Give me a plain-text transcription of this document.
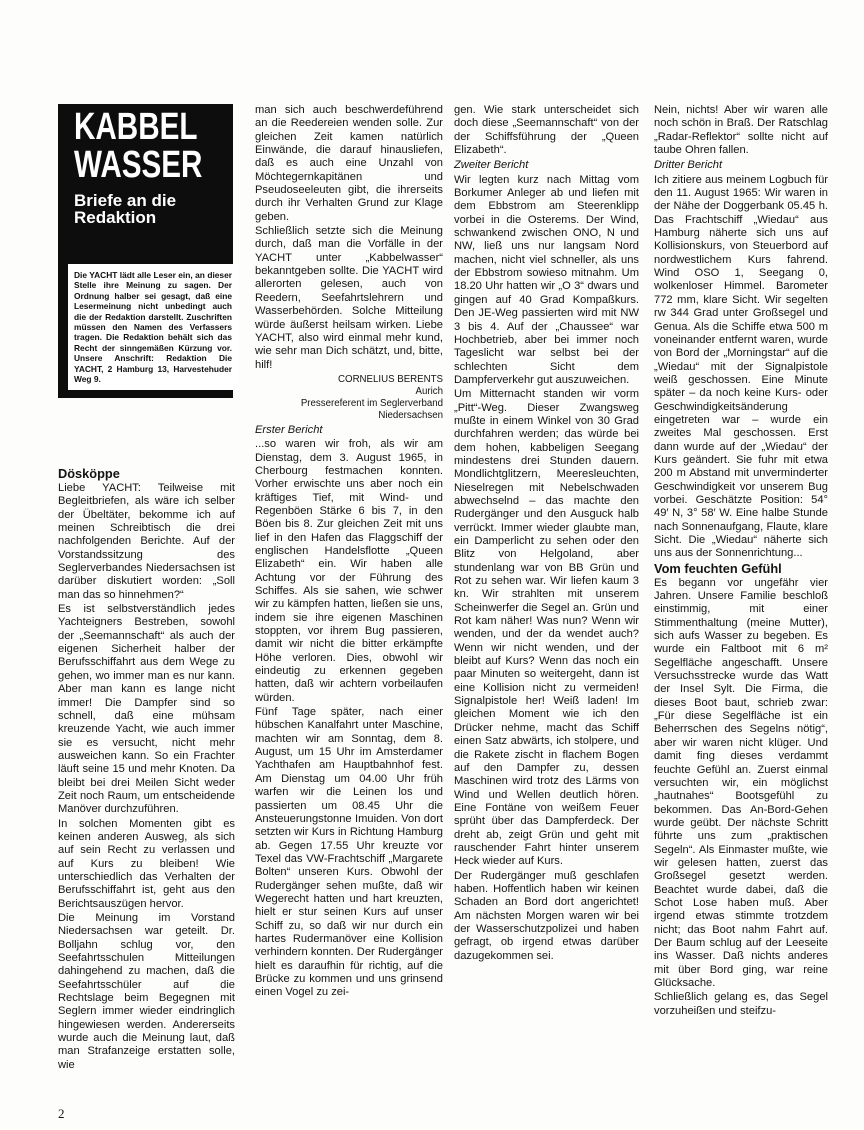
KABBEL
WASSER
Briefe an die Redaktion
Die YACHT lädt alle Leser ein, an dieser Stelle ihre Meinung zu sagen. Der Ordnung halber sei gesagt, daß eine Lesermeinung nicht unbedingt auch die der Redaktion darstellt. Zuschriften müssen den Namen des Verfassers tragen. Die Redaktion behält sich das Recht der sinngemäßen Kürzung vor. Unsere Anschrift: Redaktion Die YACHT, 2 Hamburg 13, Harvestehuder Weg 9.
Dösköppe

Liebe YACHT: Teilweise mit Begleitbriefen, als wäre ich selber der Übeltäter, bekomme ich auf meinen Schreibtisch die drei nachfolgenden Berichte. Auf der Vorstandssitzung des Seglerverbandes Niedersachsen ist darüber diskutiert worden: „Soll man das so hinnehmen?“

Es ist selbstverständlich jedes Yachteigners Bestreben, sowohl der „Seemannschaft“ als auch der eigenen Sicherheit halber der Berufsschiffahrt aus dem Wege zu gehen, wo immer man es nur kann. Aber man kann es lange nicht immer! Die Dampfer sind so schnell, daß eine mühsam kreuzende Yacht, wie auch immer sie es versucht, nicht mehr ausweichen kann. So ein Frachter läuft seine 15 und mehr Knoten. Da bleibt bei drei Meilen Sicht weder Zeit noch Raum, um entscheidende Manöver durchzuführen.

In solchen Momenten gibt es keinen anderen Ausweg, als sich auf sein Recht zu verlassen und auf Kurs zu bleiben! Wie unterschiedlich das Verhalten der Berufsschiffahrt ist, geht aus den Berichtsauszügen hervor.

Die Meinung im Vorstand Niedersachsen war geteilt. Dr. Bolljahn schlug vor, den Seefahrtsschulen Mitteilungen dahingehend zu machen, daß die Seefahrtsschüler auf die Rechtslage beim Begegnen mit Seglern immer wieder eindringlich hingewiesen werden. Andererseits wurde auch die Meinung laut, daß man Strafanzeige erstatten solle, wie

man sich auch beschwerdeführend an die Reedereien wenden solle. Zur gleichen Zeit kamen natürlich Einwände, die darauf hinausliefen, daß es auch eine Unzahl von Möchtegernkapitänen und Pseudoseeleuten gibt, die ihrerseits durch ihr Verhalten Grund zur Klage geben.

Schließlich setzte sich die Meinung durch, daß man die Vorfälle in der YACHT unter „Kabbelwasser“ bekanntgeben sollte. Die YACHT wird allerorten gelesen, auch von Reedern, Seefahrtslehrern und Wasserbehörden. Solche Mitteilung würde äußerst heilsam wirken. Liebe YACHT, also wird einmal mehr kund, wie sehr man Dich schätzt, und, bitte, hilf!

CORNELIUS BERENTS
Aurich
Pressereferent im Seglerverband Niedersachsen

Erster Bericht

...so waren wir froh, als wir am Dienstag, dem 3. August 1965, in Cherbourg festmachen konnten. Vorher erwischte uns aber noch ein kräftiges Tief, mit Wind- und Regenböen Stärke 6 bis 7, in den Böen bis 8. Zur gleichen Zeit mit uns lief in den Hafen das Flaggschiff der englischen Handelsflotte „Queen Elizabeth“ ein. Wir haben alle Achtung vor der Führung des Schiffes. Als sie sahen, wie schwer wir zu kämpfen hatten, ließen sie uns, indem sie ihre eigenen Maschinen stoppten, vor ihrem Bug passieren, damit wir nicht die bitter erkämpfte Höhe verloren. Dies, obwohl wir eindeutig zu erkennen gegeben hatten, daß wir achtern vorbeilaufen würden.

Fünf Tage später, nach einer hübschen Kanalfahrt unter Maschine, machten wir am Sonntag, dem 8. August, um 15 Uhr im Amsterdamer Yachthafen am Hauptbahnhof fest. Am Dienstag um 04.00 Uhr früh warfen wir die Leinen los und passierten um 08.45 Uhr die Ansteuerungstonne Imuiden. Von dort setzten wir Kurs in Richtung Hamburg ab. Gegen 17.55 Uhr kreuzte vor Texel das VW-Frachtschiff „Margarete Bolten“ unseren Kurs. Obwohl der Rudergänger sehen mußte, daß wir Wegerecht hatten und hart kreuzten, hielt er stur seinen Kurs auf unser Schiff zu, so daß wir nur durch ein hartes Rudermanöver eine Kollision verhindern konnten. Der Rudergänger hielt es daraufhin für richtig, auf die Brücke zu kommen und uns grinsend einen Vogel zu zei-

gen. Wie stark unterscheidet sich doch diese „Seemannschaft“ von der der Schiffsführung der „Queen Elizabeth“.

Zweiter Bericht

Wir legten kurz nach Mittag vom Borkumer Anleger ab und liefen mit dem Ebbstrom am Steerenklipp vorbei in die Osterems. Der Wind, schwankend zwischen ONO, N und NW, ließ uns nur langsam Nord machen, nicht viel schneller, als uns der Ebbstrom sowieso mitnahm. Um 18.20 Uhr hatten wir „O 3“ dwars und gingen auf 40 Grad Kompaßkurs. Den JE-Weg passierten wird mit NW 3 bis 4. Auf der „Chaussee“ war Hochbetrieb, aber bei immer noch Tageslicht war selbst bei der schlechten Sicht dem Dampferverkehr gut auszuweichen.

Um Mitternacht standen wir vorm „Pitt“-Weg. Dieser Zwangsweg mußte in einem Winkel von 30 Grad durchfahren werden; das würde bei dem hohen, kabbeligen Seegang mindestens drei Stunden dauern. Mondlichtglitzern, Meeresleuchten, Nieselregen mit Nebelschwaden abwechselnd – das machte den Rudergänger und den Ausguck halb verrückt. Immer wieder glaubte man, ein Damperlicht zu sehen oder den Blitz von Helgoland, aber stundenlang war von BB Grün und Rot zu sehen war. Wir liefen kaum 3 kn. Wir strahlten mit unserem Scheinwerfer die Segel an. Grün und Rot kam näher! Was nun? Wenn wir wenden, und der da wendet auch? Wenn wir nicht wenden, und der bleibt auf Kurs? Wenn das noch ein paar Minuten so weitergeht, dann ist eine Kollision nicht zu vermeiden! Signalpistole her! Weiß laden! Im gleichen Moment wie ich den Drücker nehme, macht das Schiff einen Satz abwärts, ich stolpere, und die Rakete zischt in flachem Bogen auf den Dampfer zu, dessen Maschinen wird trotz des Lärms von Wind und Wellen deutlich hören. Eine Fontäne von weißem Feuer sprüht über das Dampferdeck. Der dreht ab, zeigt Grün und geht mit rauschender Fahrt hinter unserem Heck wieder auf Kurs.

Der Rudergänger muß geschlafen haben. Hoffentlich haben wir keinen Schaden an Bord dort angerichtet! Am nächsten Morgen waren wir bei der Wasserschutzpolizei und haben gefragt, ob irgend etwas darüber dazugekommen sei.

Nein, nichts! Aber wir waren alle noch schön in Braß. Der Ratschlag „Radar-Reflektor“ sollte nicht auf taube Ohren fallen.

Dritter Bericht

Ich zitiere aus meinem Logbuch für den 11. August 1965: Wir waren in der Nähe der Doggerbank 05.45 h. Das Frachtschiff „Wiedau“ aus Hamburg näherte sich uns auf Kollisionskurs, von Steuerbord auf nordwestlichem Kurs fahrend. Wind OSO 1, Seegang 0, wolkenloser Himmel. Barometer 772 mm, klare Sicht. Wir segelten rw 344 Grad unter Großsegel und Genua. Als die Schiffe etwa 500 m voneinander entfernt waren, wurde von Bord der „Morningstar“ auf die „Wiedau“ mit der Signalpistole weiß geschossen. Eine Minute später – da noch keine Kurs- oder Geschwindigkeitsänderung eingetreten war – wurde ein zweites Mal geschossen. Erst dann wurde auf der „Wiedau“ der Kurs geändert. Sie fuhr mit etwa 200 m Abstand mit unverminderter Geschwindigkeit vor unserem Bug vorbei. Geschätzte Position: 54° 49′ N, 3° 58′ W. Eine halbe Stunde nach Sonnenaufgang, Flaute, klare Sicht. Die „Wiedau“ näherte sich uns aus der Sonnenrichtung...

Vom feuchten Gefühl

Es begann vor ungefähr vier Jahren. Unsere Familie beschloß einstimmig, mit einer Stimmenthaltung (meine Mutter), sich aufs Wasser zu begeben. Es wurde ein Faltboot mit 6 m² Segelfläche angeschafft. Unsere Versuchsstrecke wurde das Watt der Insel Sylt. Die Firma, die dieses Boot baut, schrieb zwar: „Für diese Segelfläche ist ein Beherrschen des Segelns nötig“, aber wir waren nicht klüger. Und damit fing dieses verdammt feuchte Gefühl an. Zuerst einmal versuchten wir, ein möglichst „hautnahes“ Bootsgefühl zu bekommen. Das An-Bord-Gehen wurde geübt. Der nächste Schritt führte uns zum „praktischen Segeln“. Als Einmaster mußte, wie wir gelesen hatten, zuerst das Großsegel gesetzt werden. Beachtet wurde dabei, daß die Schot Lose haben muß. Aber irgend etwas stimmte trotzdem nicht; das Boot nahm Fahrt auf. Der Baum schlug auf der Leeseite ins Wasser. Daß nichts anderes mit über Bord ging, war reine Glücksache.

Schließlich gelang es, das Segel vorzuheißen und steifzu-

2
